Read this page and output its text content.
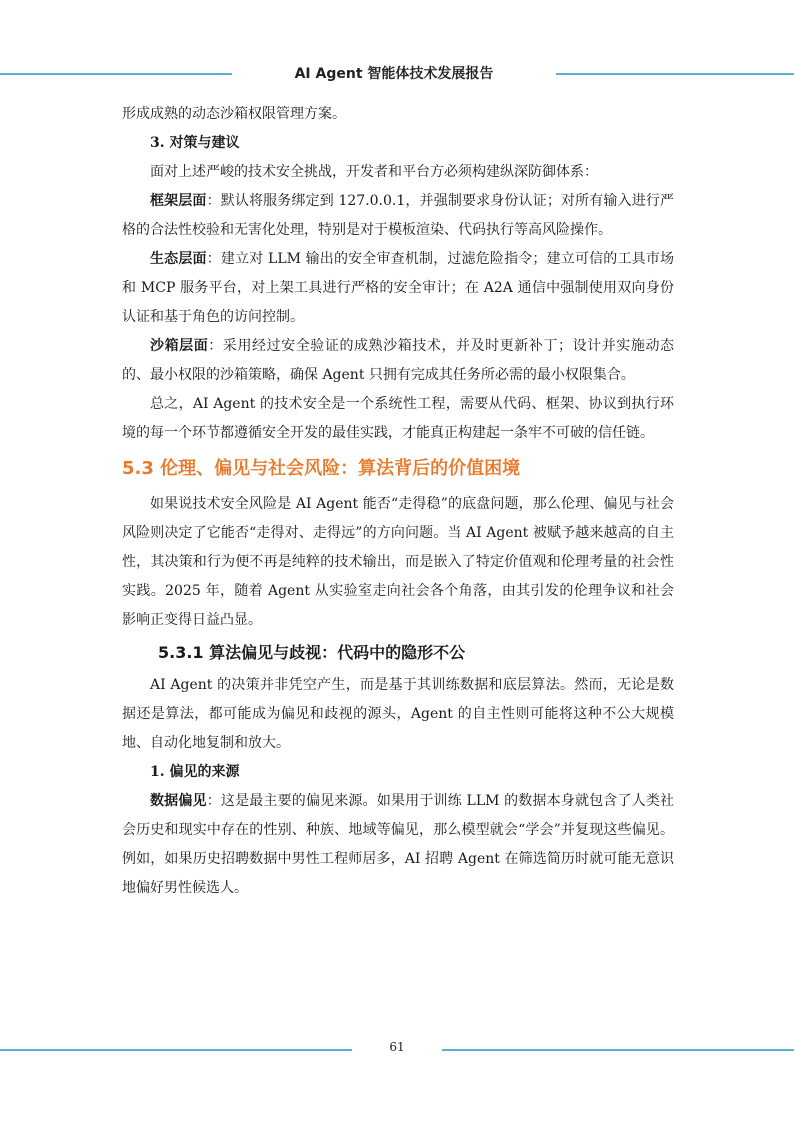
AI Agent 智能体技术发展报告

形成成熟的动态沙箱权限管理方案。

3. 对策与建议

面对上述严峻的技术安全挑战，开发者和平台方必须构建纵深防御体系：

框架层面：默认将服务绑定到 127.0.0.1，并强制要求身份认证；对所有输入进行严格的合法性校验和无害化处理，特别是对于模板渲染、代码执行等高风险操作。

生态层面：建立对 LLM 输出的安全审查机制，过滤危险指令；建立可信的工具市场和 MCP 服务平台，对上架工具进行严格的安全审计；在 A2A 通信中强制使用双向身份认证和基于角色的访问控制。

沙箱层面：采用经过安全验证的成熟沙箱技术，并及时更新补丁；设计并实施动态的、最小权限的沙箱策略，确保 Agent 只拥有完成其任务所必需的最小权限集合。

总之，AI Agent 的技术安全是一个系统性工程，需要从代码、框架、协议到执行环境的每一个环节都遵循安全开发的最佳实践，才能真正构建起一条牢不可破的信任链。

5.3 伦理、偏见与社会风险：算法背后的价值困境

如果说技术安全风险是 AI Agent 能否“走得稳”的底盘问题，那么伦理、偏见与社会风险则决定了它能否“走得对、走得远”的方向问题。当 AI Agent 被赋予越来越高的自主性，其决策和行为便不再是纯粹的技术输出，而是嵌入了特定价值观和伦理考量的社会性实践。2025 年，随着 Agent 从实验室走向社会各个角落，由其引发的伦理争议和社会影响正变得日益凸显。

5.3.1 算法偏见与歧视：代码中的隐形不公

AI Agent 的决策并非凭空产生，而是基于其训练数据和底层算法。然而，无论是数据还是算法，都可能成为偏见和歧视的源头，Agent 的自主性则可能将这种不公大规模地、自动化地复制和放大。

1. 偏见的来源

数据偏见：这是最主要的偏见来源。如果用于训练 LLM 的数据本身就包含了人类社会历史和现实中存在的性别、种族、地域等偏见，那么模型就会“学会”并复现这些偏见。例如，如果历史招聘数据中男性工程师居多，AI 招聘 Agent 在筛选简历时就可能无意识地偏好男性候选人。

61
